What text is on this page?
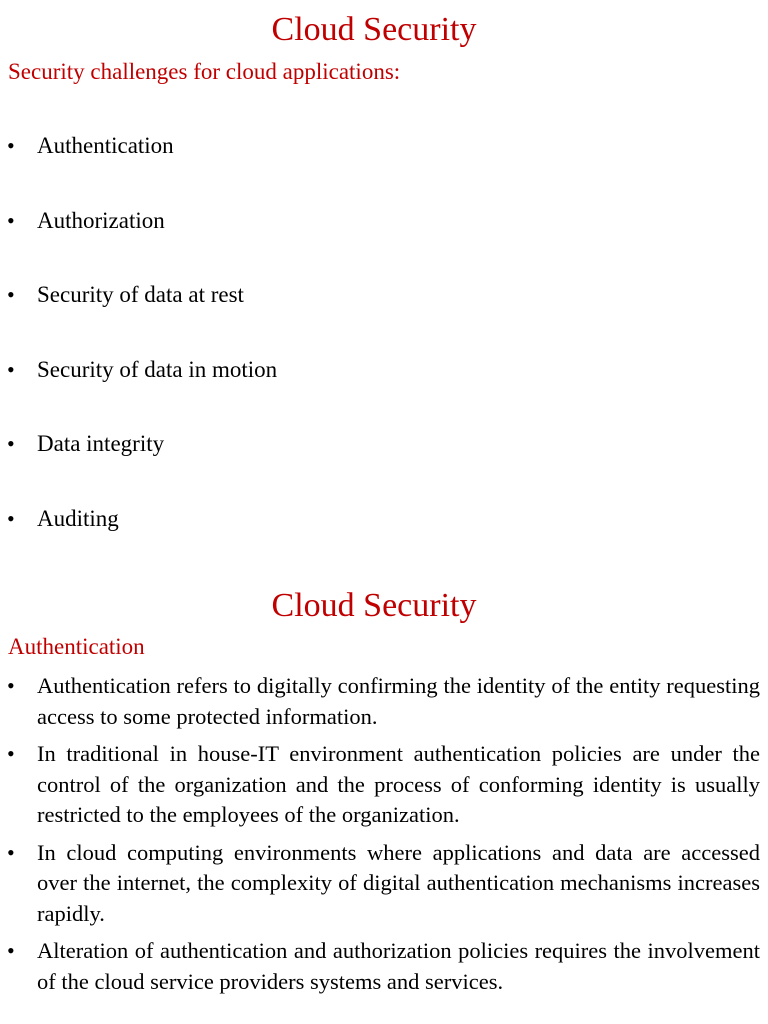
Cloud Security
Security challenges for cloud applications:
• Authentication
• Authorization
• Security of data at rest
• Security of data in motion
• Data integrity
• Auditing
Cloud Security
Authentication
• Authentication refers to digitally confirming the identity of the entity requesting access to some protected information.
• In traditional in house-IT environment authentication policies are under the control of the organization and the process of conforming identity is usually restricted to the employees of the organization.
• In cloud computing environments where applications and data are accessed over the internet, the complexity of digital authentication mechanisms increases rapidly.
• Alteration of authentication and authorization policies requires the involvement of the cloud service providers systems and services.
